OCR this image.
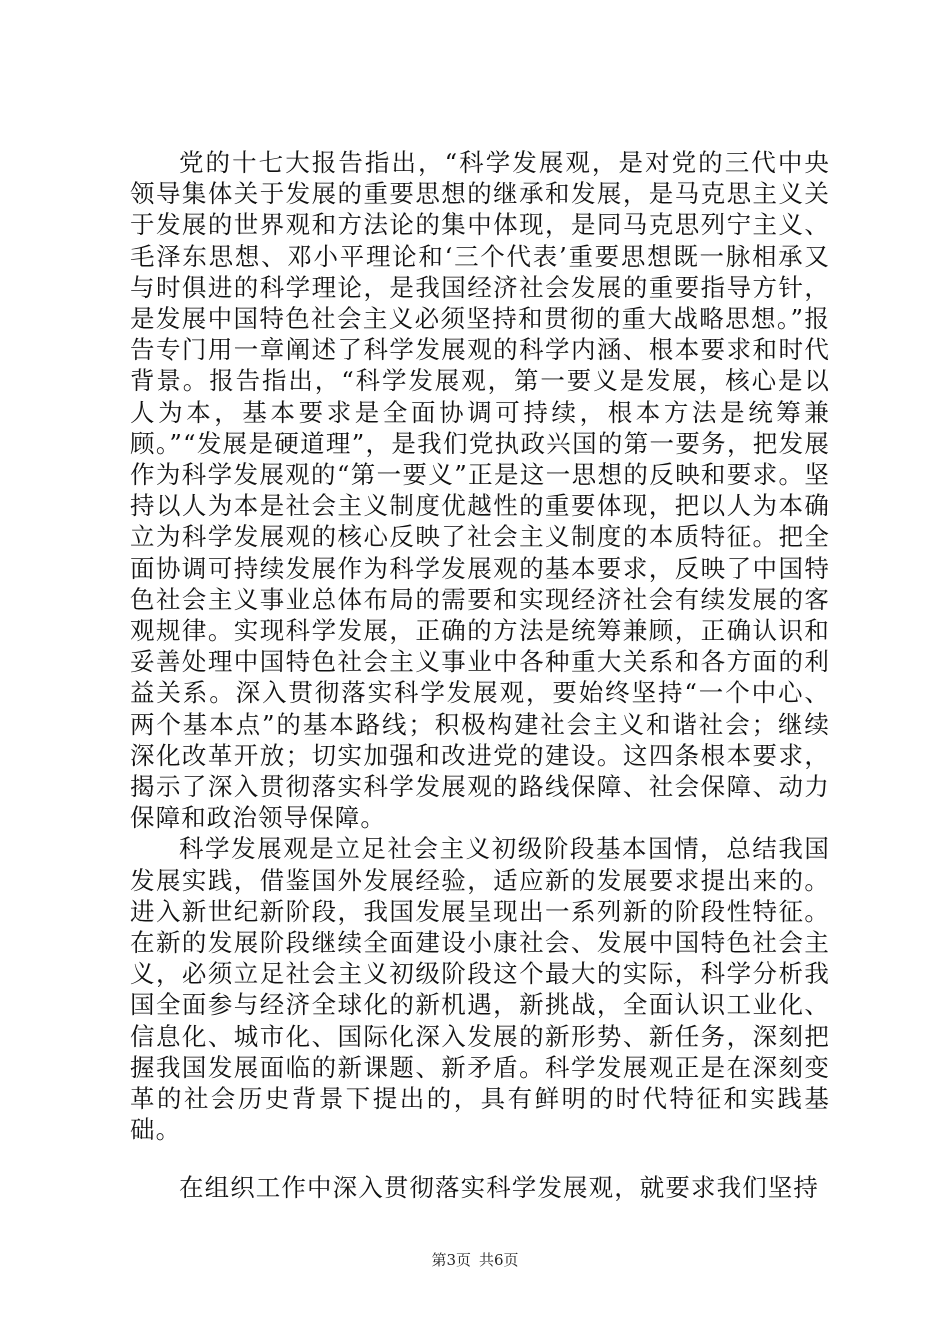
党的十七大报告指出，“科学发展观，是对党的三代中央领导集体关于发展的重要思想的继承和发展，是马克思主义关于发展的世界观和方法论的集中体现，是同马克思列宁主义、毛泽东思想、邓小平理论和‘三个代表’重要思想既一脉相承又与时俱进的科学理论，是我国经济社会发展的重要指导方针，是发展中国特色社会主义必须坚持和贯彻的重大战略思想。”报告专门用一章阐述了科学发展观的科学内涵、根本要求和时代背景。报告指出，“科学发展观，第一要义是发展，核心是以人为本，基本要求是全面协调可持续，根本方法是统筹兼顾。”“发展是硬道理”，是我们党执政兴国的第一要务，把发展作为科学发展观的“第一要义”正是这一思想的反映和要求。坚持以人为本是社会主义制度优越性的重要体现，把以人为本确立为科学发展观的核心反映了社会主义制度的本质特征。把全面协调可持续发展作为科学发展观的基本要求，反映了中国特色社会主义事业总体布局的需要和实现经济社会有续发展的客观规律。实现科学发展，正确的方法是统筹兼顾，正确认识和妥善处理中国特色社会主义事业中各种重大关系和各方面的利益关系。深入贯彻落实科学发展观，要始终坚持“一个中心、两个基本点”的基本路线；积极构建社会主义和谐社会；继续深化改革开放；切实加强和改进党的建设。这四条根本要求，揭示了深入贯彻落实科学发展观的路线保障、社会保障、动力保障和政治领导保障。

科学发展观是立足社会主义初级阶段基本国情，总结我国发展实践，借鉴国外发展经验，适应新的发展要求提出来的。进入新世纪新阶段，我国发展呈现出一系列新的阶段性特征。在新的发展阶段继续全面建设小康社会、发展中国特色社会主义，必须立足社会主义初级阶段这个最大的实际，科学分析我国全面参与经济全球化的新机遇，新挑战，全面认识工业化、信息化、城市化、国际化深入发展的新形势、新任务，深刻把握我国发展面临的新课题、新矛盾。科学发展观正是在深刻变革的社会历史背景下提出的，具有鲜明的时代特征和实践基础。

在组织工作中深入贯彻落实科学发展观，就要求我们坚持

第3页 共6页
